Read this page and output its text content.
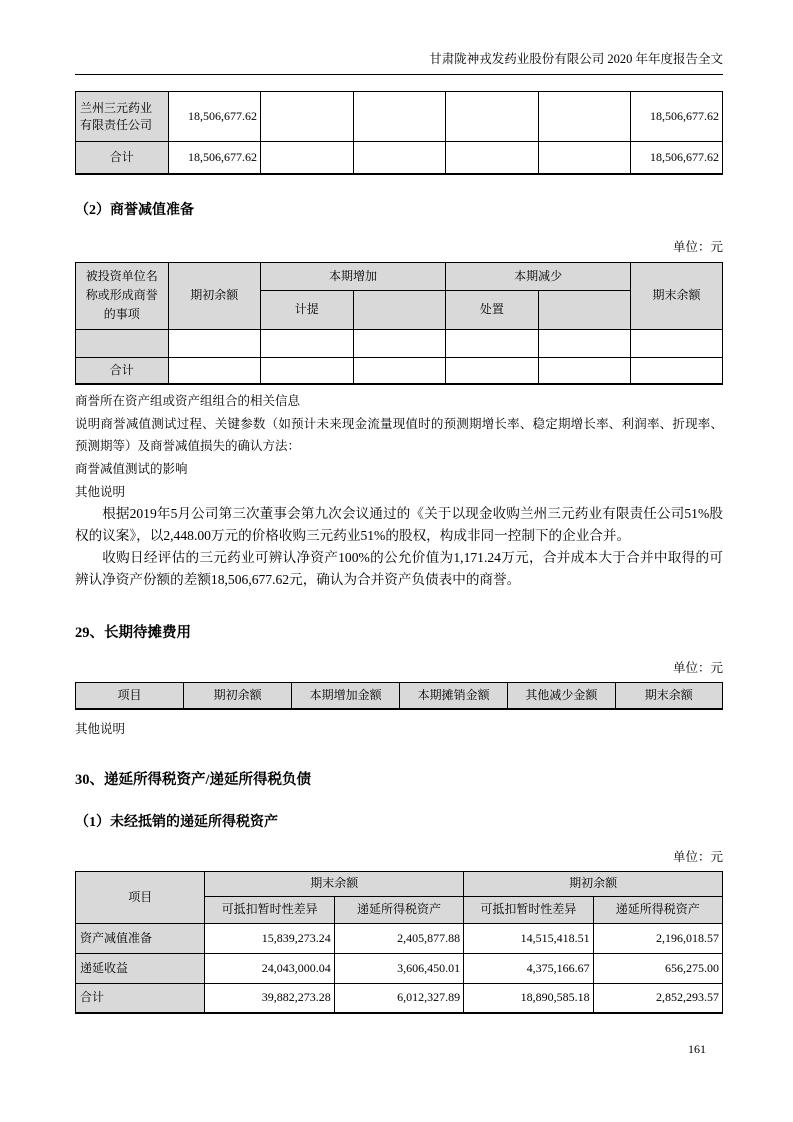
甘肃陇神戎发药业股份有限公司 2020 年年度报告全文
兰州三元药业有限责任公司	18,506,677.62					18,506,677.62
合计	18,506,677.62					18,506,677.62
（2）商誉减值准备
单位：元
被投资单位名称或形成商誉的事项	期初余额	本期增加		本期减少		期末余额
		计提		处置		

合计						

商誉所在资产组或资产组组合的相关信息

说明商誉减值测试过程、关键参数（如预计未来现金流量现值时的预测期增长率、稳定期增长率、利润率、折现率、预测期等）及商誉减值损失的确认方法：

商誉减值测试的影响

其他说明

根据2019年5月公司第三次董事会第九次会议通过的《关于以现金收购兰州三元药业有限责任公司51%股权的议案》，以2,448.00万元的价格收购三元药业51%的股权，构成非同一控制下的企业合并。

收购日经评估的三元药业可辨认净资产100%的公允价值为1,171.24万元，合并成本大于合并中取得的可辨认净资产份额的差额18,506,677.62元，确认为合并资产负债表中的商誉。

29、长期待摊费用
单位：元
项目	期初余额	本期增加金额	本期摊销金额	其他减少金额	期末余额

其他说明

30、递延所得税资产/递延所得税负债
（1）未经抵销的递延所得税资产
单位：元
项目	期末余额		期初余额	
	可抵扣暂时性差异	递延所得税资产	可抵扣暂时性差异	递延所得税资产
资产减值准备	15,839,273.24	2,405,877.88	14,515,418.51	2,196,018.57
递延收益	24,043,000.04	3,606,450.01	4,375,166.67	656,275.00
合计	39,882,273.28	6,012,327.89	18,890,585.18	2,852,293.57
161
